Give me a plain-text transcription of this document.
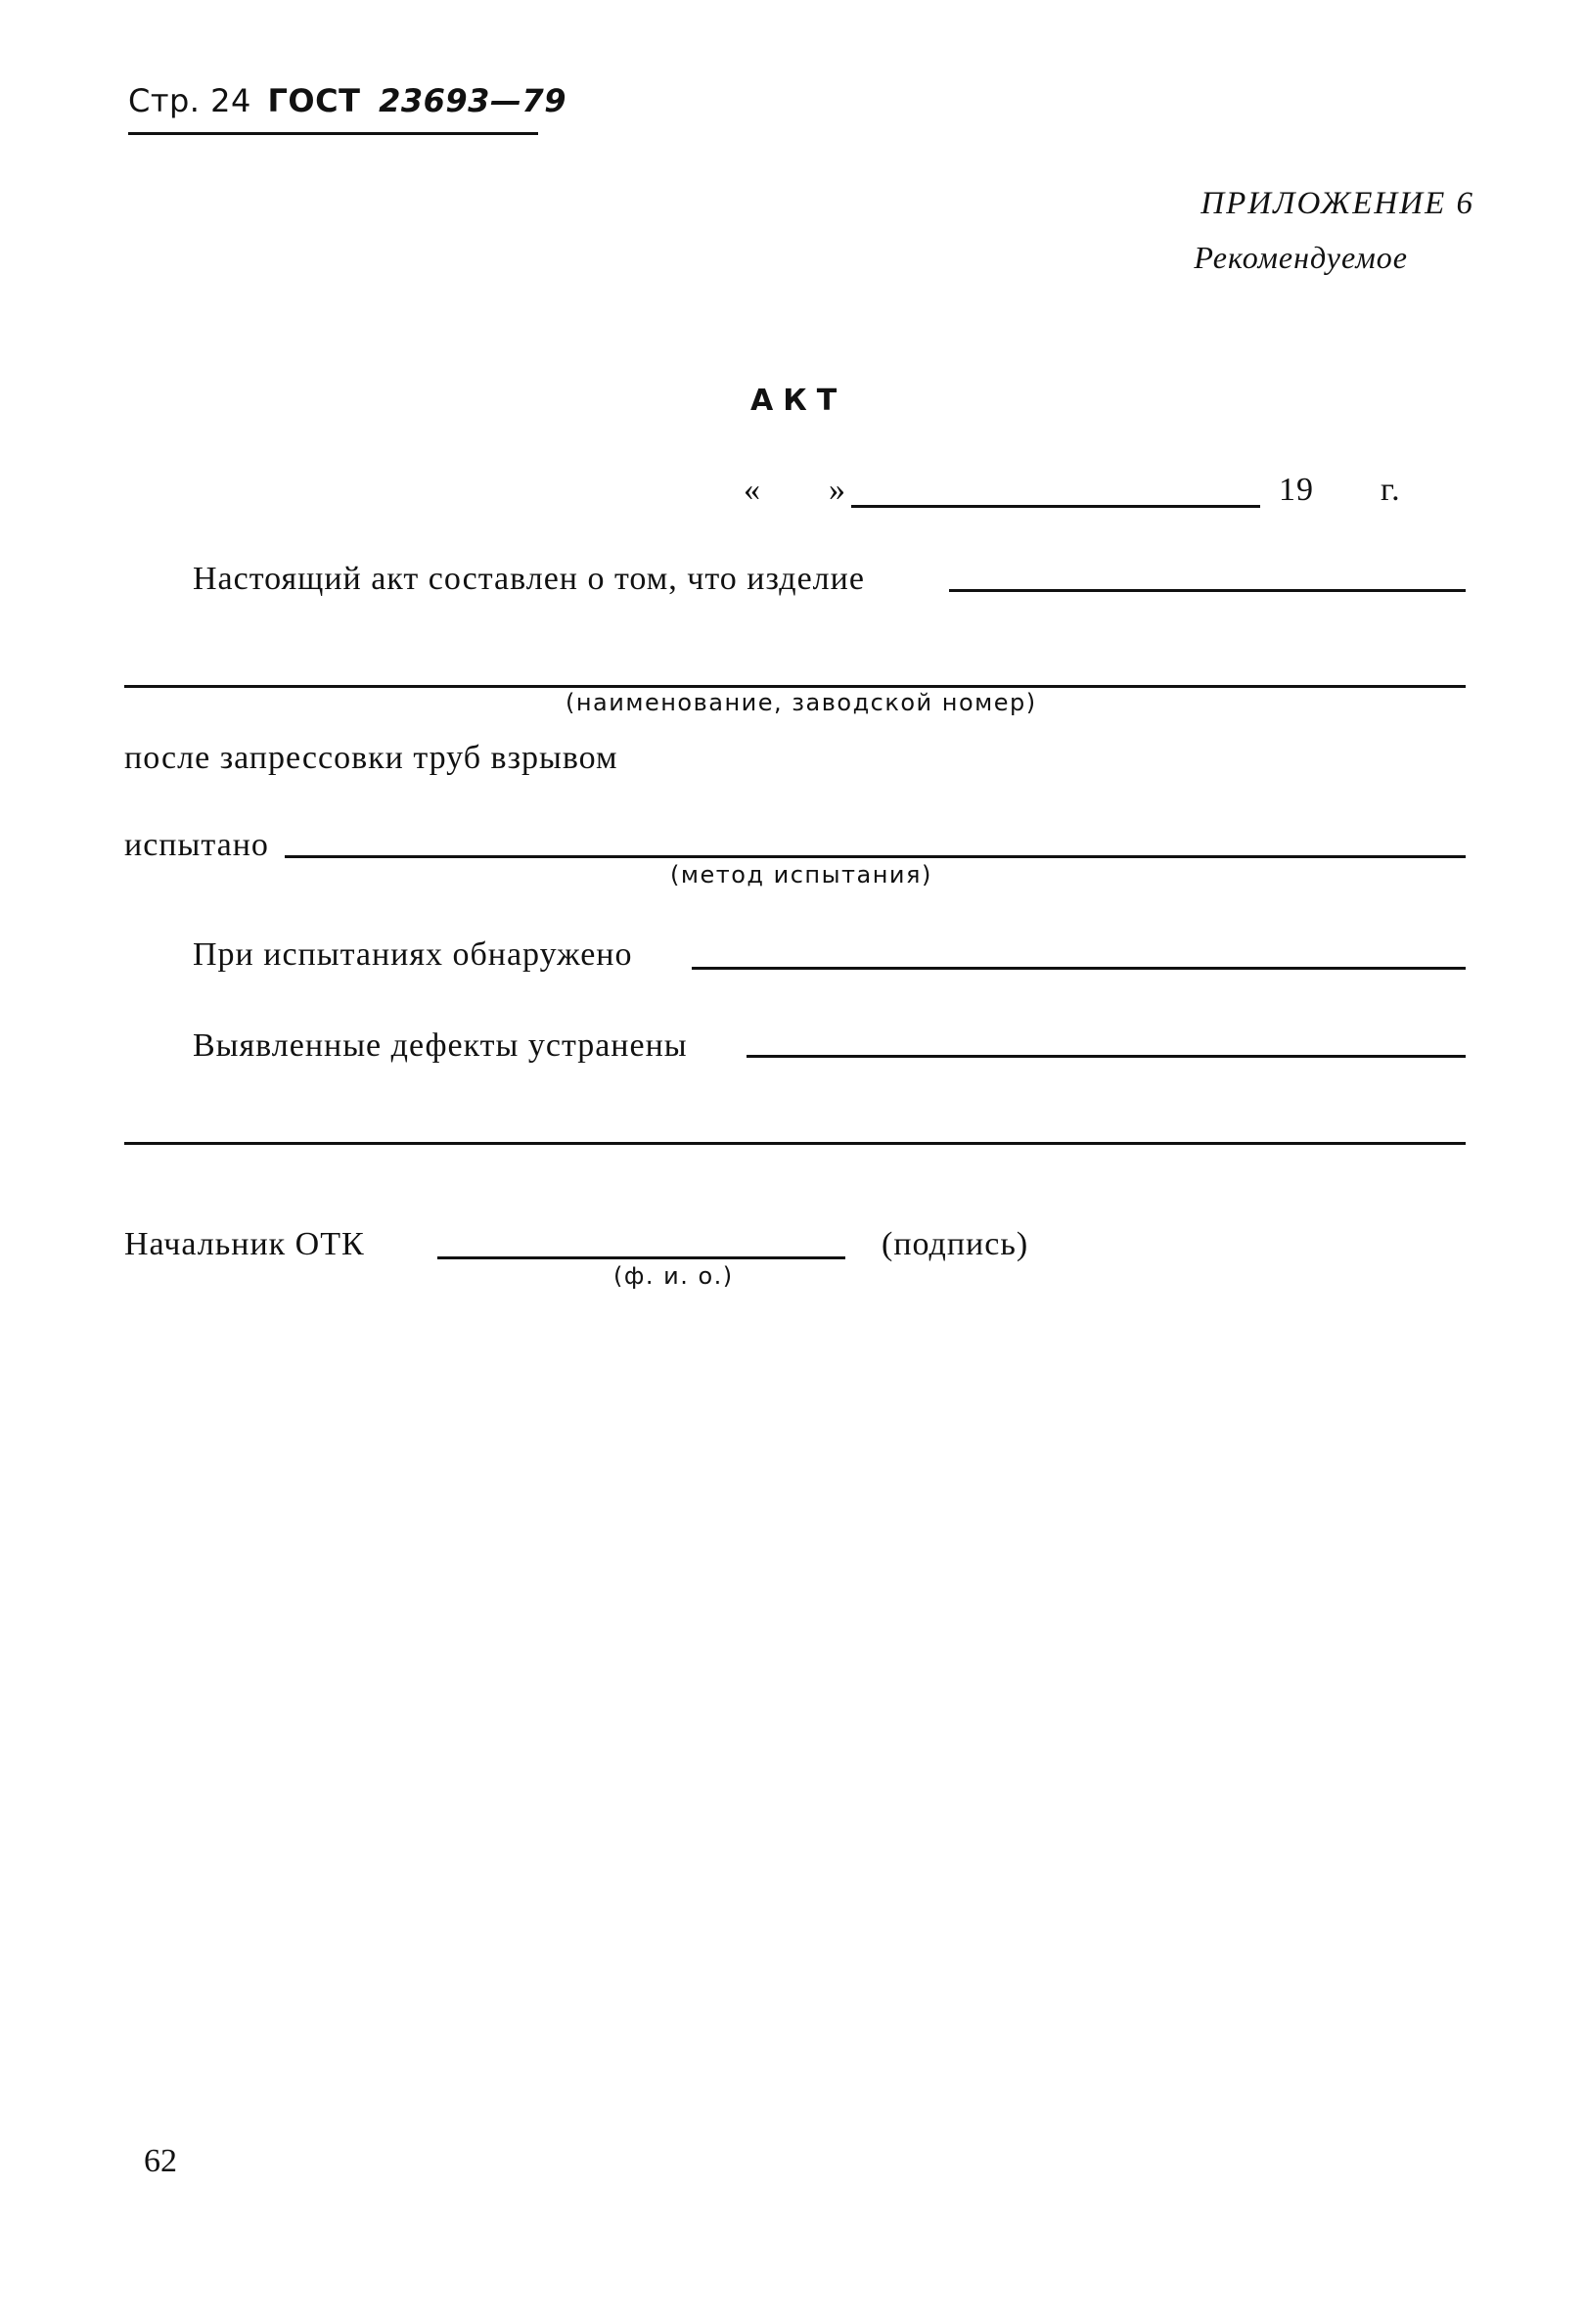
Стр. 24 ГОСТ 23693—79
ПРИЛОЖЕНИЕ 6
Рекомендуемое
АКТ
« »	19 г.
Настоящий акт составлен о том, что изделие
(наименование, заводской номер)
после запрессовки труб взрывом
испытано
(метод испытания)
При испытаниях обнаружено
Выявленные дефекты устранены
Начальник ОТК
(ф. и. о.)
(подпись)
62
